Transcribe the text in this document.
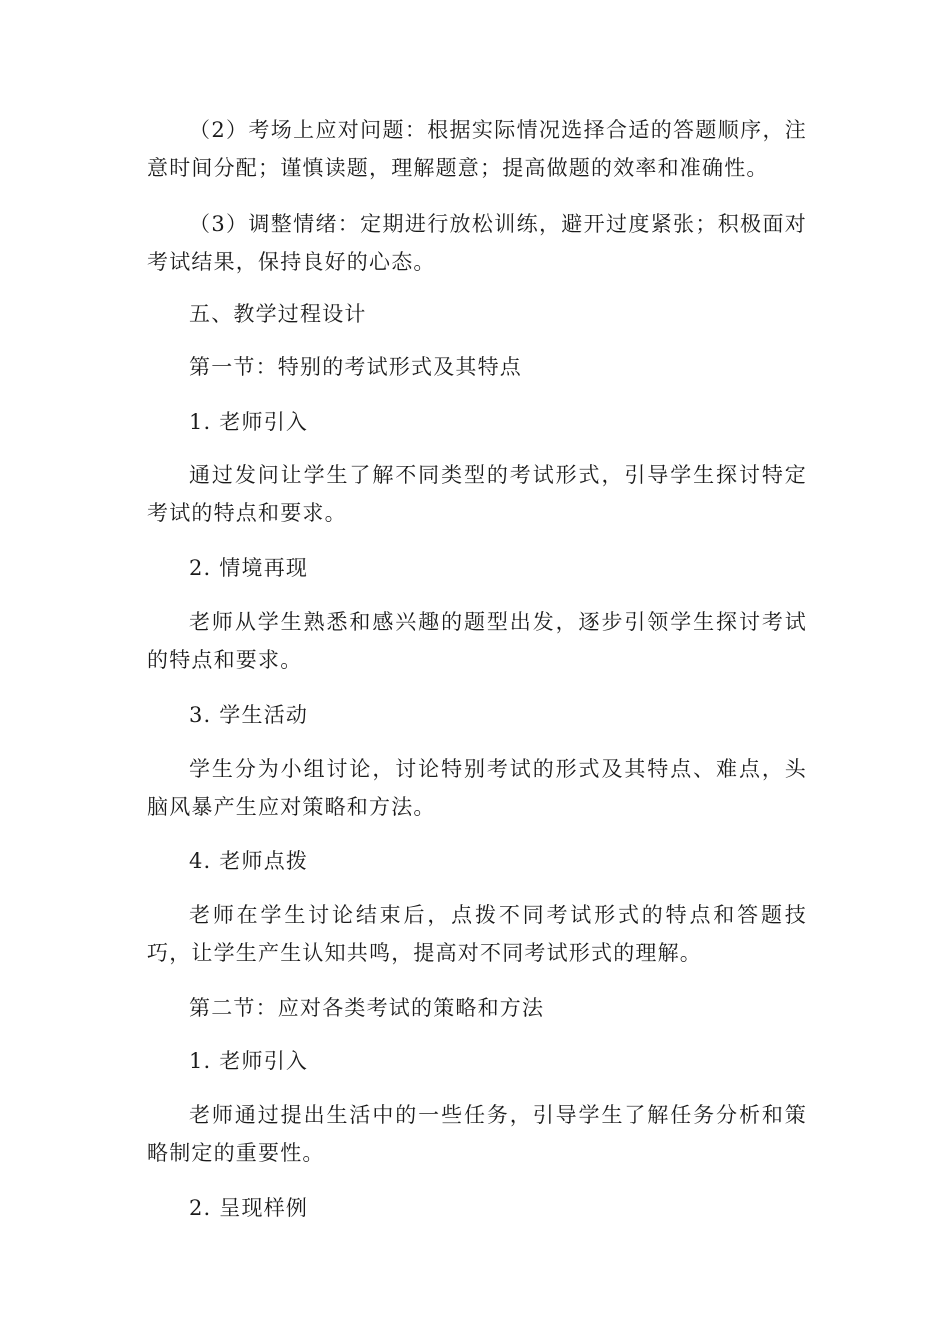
（2）考场上应对问题：根据实际情况选择合适的答题顺序，注意时间分配；谨慎读题，理解题意；提高做题的效率和准确性。

（3）调整情绪：定期进行放松训练，避开过度紧张；积极面对考试结果，保持良好的心态。

五、教学过程设计

第一节：特别的考试形式及其特点

1. 老师引入

通过发问让学生了解不同类型的考试形式，引导学生探讨特定考试的特点和要求。

2. 情境再现

老师从学生熟悉和感兴趣的题型出发，逐步引领学生探讨考试的特点和要求。

3. 学生活动

学生分为小组讨论，讨论特别考试的形式及其特点、难点，头脑风暴产生应对策略和方法。

4. 老师点拨

老师在学生讨论结束后，点拨不同考试形式的特点和答题技巧，让学生产生认知共鸣，提高对不同考试形式的理解。

第二节：应对各类考试的策略和方法

1. 老师引入

老师通过提出生活中的一些任务，引导学生了解任务分析和策略制定的重要性。

2. 呈现样例
